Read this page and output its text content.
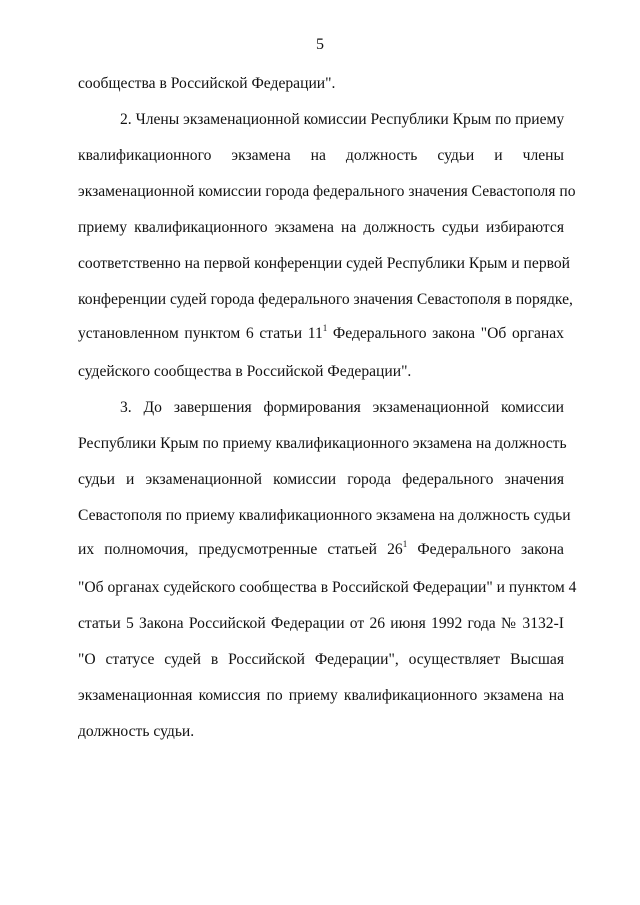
5
сообщества в Российской Федерации".
2. Члены экзаменационной комиссии Республики Крым по приему
квалификационного экзамена на должность судьи и члены
экзаменационной комиссии города федерального значения Севастополя по
приему квалификационного экзамена на должность судьи избираются
соответственно на первой конференции судей Республики Крым и первой
конференции судей города федерального значения Севастополя в порядке,
установленном пунктом 6 статьи $11^1$ Федерального закона "Об органах
судейского сообщества в Российской Федерации".
3. До завершения формирования экзаменационной комиссии
Республики Крым по приему квалификационного экзамена на должность
судьи и экзаменационной комиссии города федерального значения
Севастополя по приему квалификационного экзамена на должность судьи
их полномочия, предусмотренные статьей $26^1$ Федерального закона
"Об органах судейского сообщества в Российской Федерации" и пунктом 4
статьи 5 Закона Российской Федерации от 26 июня 1992 года № 3132-I
"О статусе судей в Российской Федерации", осуществляет Высшая
экзаменационная комиссия по приему квалификационного экзамена на
должность судьи.
